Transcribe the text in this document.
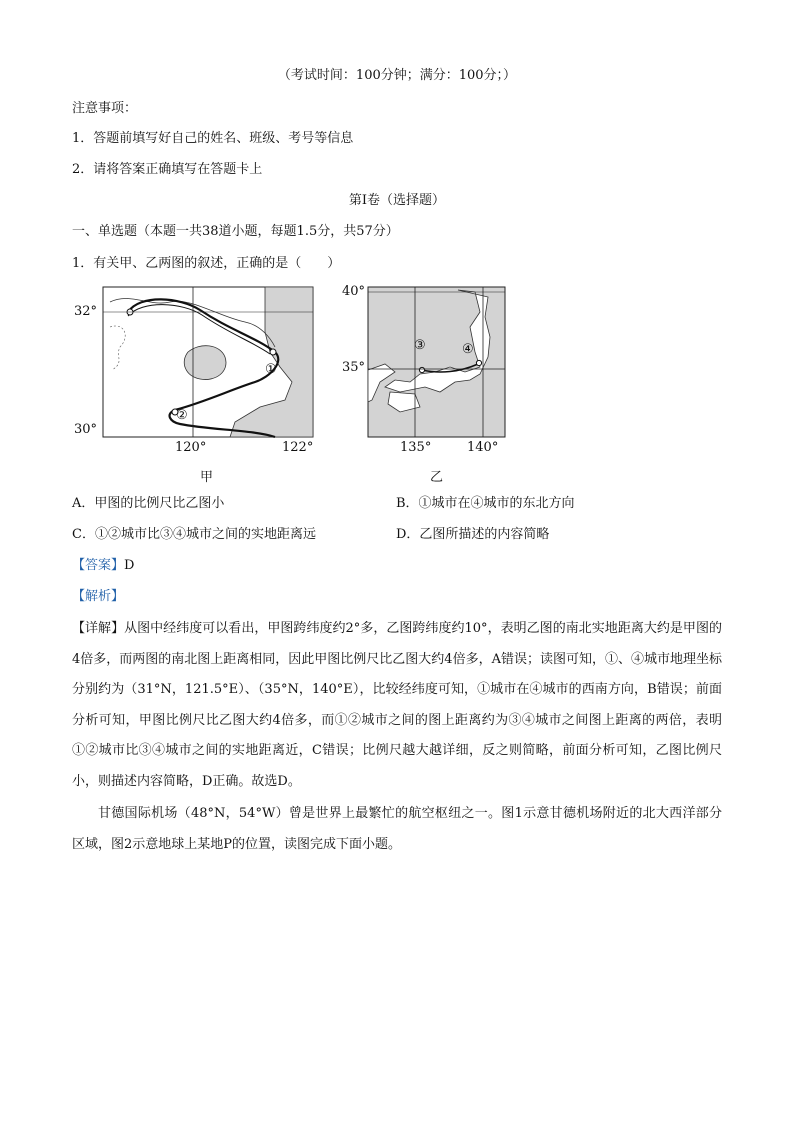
（考试时间：100分钟；满分：100分；）
注意事项：
1．答题前填写好自己的姓名、班级、考号等信息
2．请将答案正确填写在答题卡上
第I卷（选择题）
一、单选题（本题一共38道小题，每题1.5分，共57分）
1．有关甲、乙两图的叙述，正确的是（　　）
32°
30°
120°	122°
①
②
甲
40°
35°
135°	140°
③	④
乙
A．甲图的比例尺比乙图小	B．①城市在④城市的东北方向
C．①②城市比③④城市之间的实地距离远	D．乙图所描述的内容简略
【答案】D
【解析】

【详解】从图中经纬度可以看出，甲图跨纬度约2°多，乙图跨纬度约10°，表明乙图的南北实地距离大约是甲图的4倍多，而两图的南北图上距离相同，因此甲图比例尺比乙图大约4倍多，A错误；读图可知，①、④城市地理坐标分别约为（31°N，121.5°E）、（35°N，140°E），比较经纬度可知，①城市在④城市的西南方向，B错误；前面分析可知，甲图比例尺比乙图大约4倍多，而①②城市之间的图上距离约为③④城市之间图上距离的两倍，表明①②城市比③④城市之间的实地距离近，C错误；比例尺越大越详细，反之则简略，前面分析可知，乙图比例尺小，则描述内容简略，D正确。故选D。

甘德国际机场（48°N，54°W）曾是世界上最繁忙的航空枢纽之一。图1示意甘德机场附近的北大西洋部分区域，图2示意地球上某地P的位置，读图完成下面小题。
